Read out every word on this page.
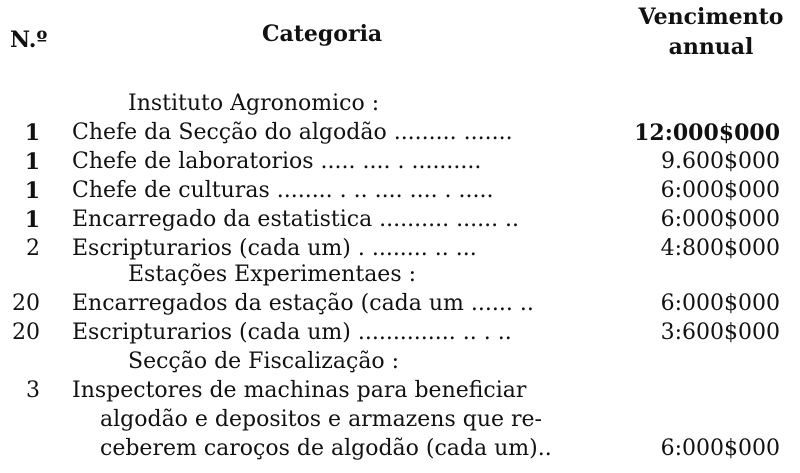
N.º	Categoria
Vencimento
annual
Instituto Agronomico :
1 Chefe da Secção do algodão ......... .......	12:000$000
1 Chefe de laboratorios ..... .... . ..........	9.600$000
1 Chefe de culturas ........ . .. .... .... . .....	6:000$000
1 Encarregado da estatistica .......... ...... ..	6:000$000
2 Escripturarios (cada um) . ........ .. ...	4:800$000
Estações Experimentaes :
20 Encarregados da estação (cada um ...... ..	6:000$000
20 Escripturarios (cada um) .............. .. . ..	3:600$000
Secção de Fiscalização :
3 Inspectores de machinas para beneficiar
algodão e depositos e armazens que re-
ceberem caroços de algodão (cada um)..	6:000$000
